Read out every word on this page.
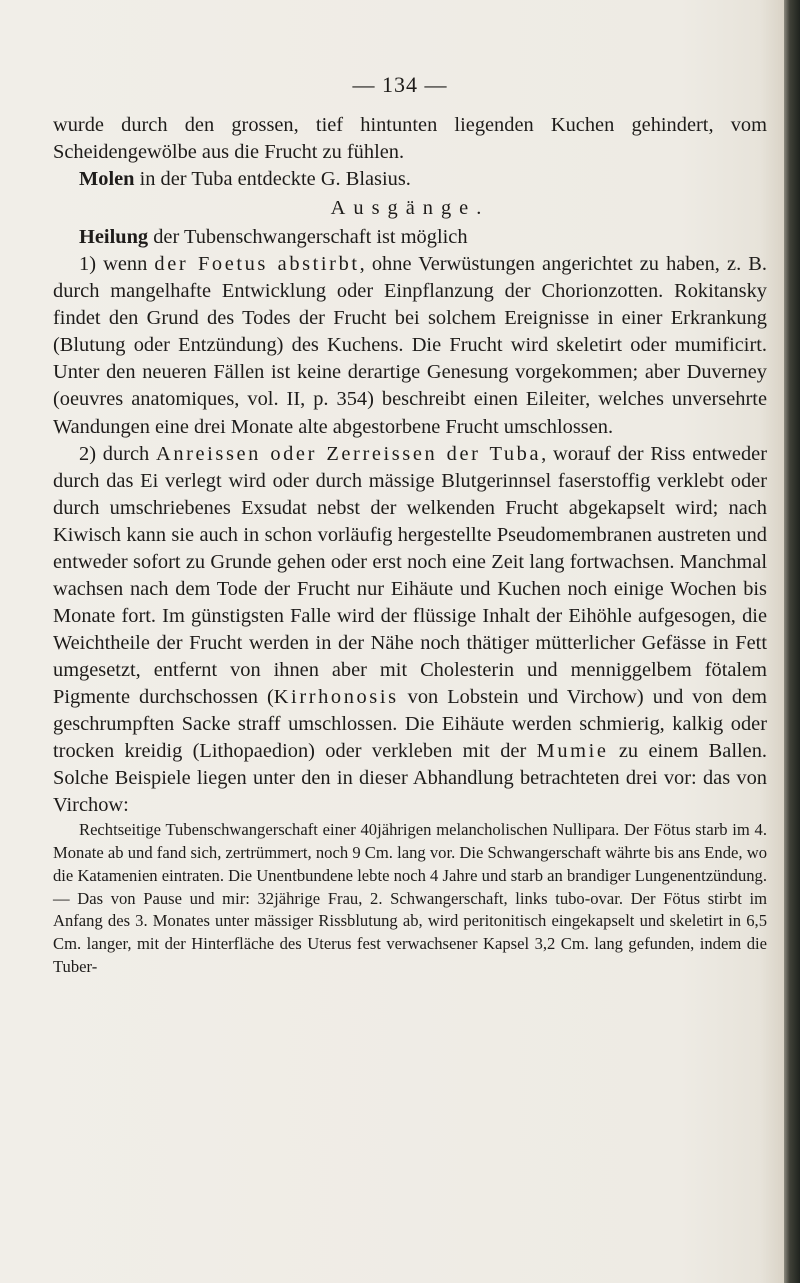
— 134 —

wurde durch den grossen, tief hintunten liegenden Kuchen gehindert, vom Scheidengewölbe aus die Frucht zu fühlen.

Molen in der Tuba entdeckte G. Blasius.

Ausgänge.

Heilung der Tubenschwangerschaft ist möglich

1) wenn der Foetus abstirbt, ohne Verwüstungen angerichtet zu haben, z. B. durch mangelhafte Entwicklung oder Einpflanzung der Chorionzotten. Rokitansky findet den Grund des Todes der Frucht bei solchem Ereignisse in einer Erkrankung (Blutung oder Entzündung) des Kuchens. Die Frucht wird skeletirt oder mumificirt. Unter den neueren Fällen ist keine derartige Genesung vorgekommen; aber Duverney (oeuvres anatomiques, vol. II, p. 354) beschreibt einen Eileiter, welches unversehrte Wandungen eine drei Monate alte abgestorbene Frucht umschlossen.

2) durch Anreissen oder Zerreissen der Tuba, worauf der Riss entweder durch das Ei verlegt wird oder durch mässige Blutgerinnsel faserstoffig verklebt oder durch umschriebenes Exsudat nebst der welkenden Frucht abgekapselt wird; nach Kiwisch kann sie auch in schon vorläufig hergestellte Pseudomembranen austreten und entweder sofort zu Grunde gehen oder erst noch eine Zeit lang fortwachsen. Manchmal wachsen nach dem Tode der Frucht nur Eihäute und Kuchen noch einige Wochen bis Monate fort. Im günstigsten Falle wird der flüssige Inhalt der Eihöhle aufgesogen, die Weichtheile der Frucht werden in der Nähe noch thätiger mütterlicher Gefässe in Fett umgesetzt, entfernt von ihnen aber mit Cholesterin und menniggelbem fötalem Pigmente durchschossen (Kirrhonosis von Lobstein und Virchow) und von dem geschrumpften Sacke straff umschlossen. Die Eihäute werden schmierig, kalkig oder trocken kreidig (Lithopaedion) oder verkleben mit der Mumie zu einem Ballen. Solche Beispiele liegen unter den in dieser Abhandlung betrachteten drei vor: das von Virchow:

Rechtseitige Tubenschwangerschaft einer 40jährigen melancholischen Nullipara. Der Fötus starb im 4. Monate ab und fand sich, zertrümmert, noch 9 Cm. lang vor. Die Schwangerschaft währte bis ans Ende, wo die Katamenien eintraten. Die Unentbundene lebte noch 4 Jahre und starb an brandiger Lungenentzündung. — Das von Pause und mir: 32jährige Frau, 2. Schwangerschaft, links tubo-ovar. Der Fötus stirbt im Anfang des 3. Monates unter mässiger Rissblutung ab, wird peritonitisch eingekapselt und skeletirt in 6,5 Cm. langer, mit der Hinterfläche des Uterus fest verwachsener Kapsel 3,2 Cm. lang gefunden, indem die Tuber-
